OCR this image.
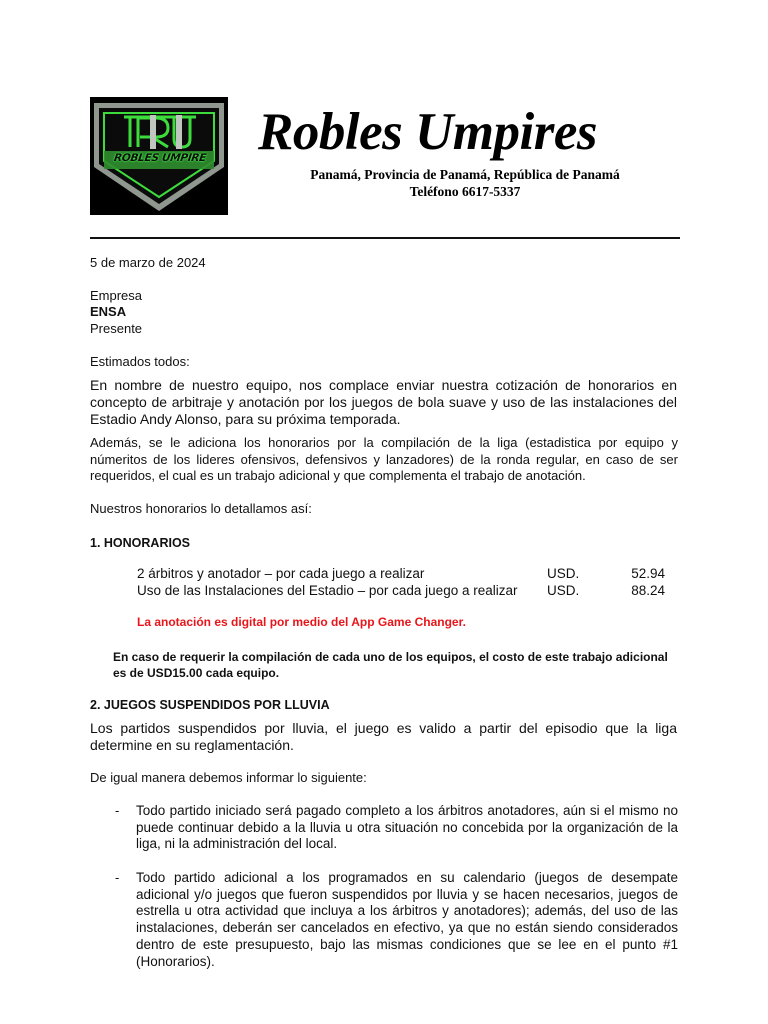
ROBLES UMPIRE Robles Umpires
Panamá, Provincia de Panamá, República de Panamá
Teléfono 6617-5337
5 de marzo de 2024
Empresa
ENSA
Presente
Estimados todos:
En nombre de nuestro equipo, nos complace enviar nuestra cotización de honorarios en concepto de arbitraje y anotación por los juegos de bola suave y uso de las instalaciones del Estadio Andy Alonso, para su próxima temporada.
Además, se le adiciona los honorarios por la compilación de la liga (estadistica por equipo y númeritos de los lideres ofensivos, defensivos y lanzadores) de la ronda regular, en caso de ser requeridos, el cual es un trabajo adicional y que complementa el trabajo de anotación.
Nuestros honorarios lo detallamos así:
1. HONORARIOS
2 árbitros y anotador – por cada juego a realizar	USD.	52.94
Uso de las Instalaciones del Estadio – por cada juego a realizar USD.	88.24
La anotación es digital por medio del App Game Changer.
En caso de requerir la compilación de cada uno de los equipos, el costo de este trabajo adicional es de USD15.00 cada equipo.
2. JUEGOS SUSPENDIDOS POR LLUVIA
Los partidos suspendidos por lluvia, el juego es valido a partir del episodio que la liga determine en su reglamentación.
De igual manera debemos informar lo siguiente:
- Todo partido iniciado será pagado completo a los árbitros anotadores, aún si el mismo no puede continuar debido a la lluvia u otra situación no concebida por la organización de la liga, ni la administración del local.
- Todo partido adicional a los programados en su calendario (juegos de desempate adicional y/o juegos que fueron suspendidos por lluvia y se hacen necesarios, juegos de estrella u otra actividad que incluya a los árbitros y anotadores); además, del uso de las instalaciones, deberán ser cancelados en efectivo, ya que no están siendo considerados dentro de este presupuesto, bajo las mismas condiciones que se lee en el punto #1 (Honorarios).
